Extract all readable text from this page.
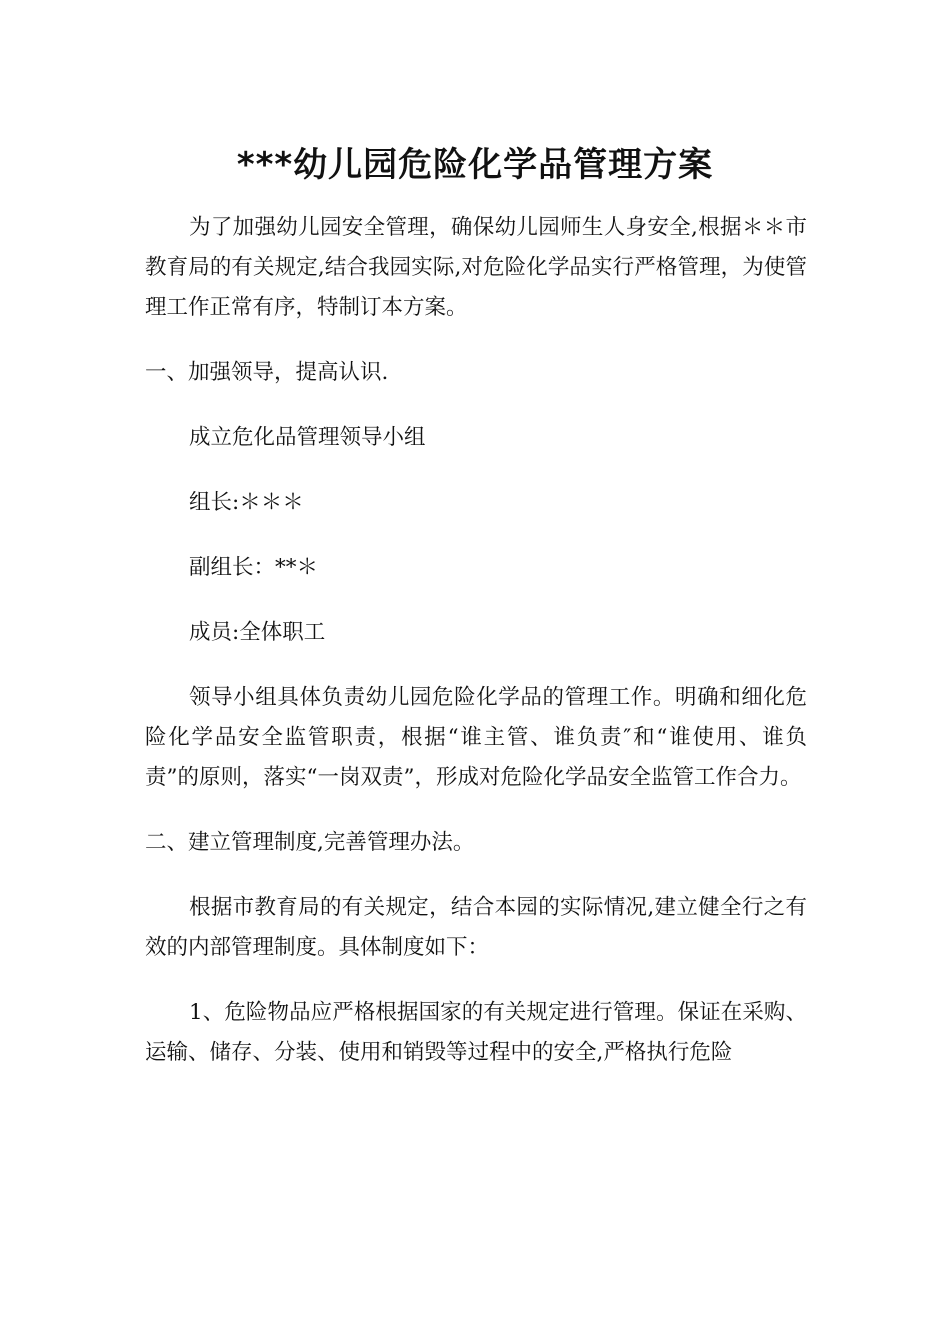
***幼儿园危险化学品管理方案

为了加强幼儿园安全管理，确保幼儿园师生人身安全,根据＊＊市教育局的有关规定,结合我园实际,对危险化学品实行严格管理，为使管理工作正常有序，特制订本方案。

一、加强领导，提高认识.

成立危化品管理领导小组

组长:＊＊＊

副组长：**＊

成员:全体职工

领导小组具体负责幼儿园危险化学品的管理工作。明确和细化危险化学品安全监管职责，根据“谁主管、谁负责″和“谁使用、谁负责”的原则，落实“一岗双责”，形成对危险化学品安全监管工作合力。

二、建立管理制度,完善管理办法。

根据市教育局的有关规定，结合本园的实际情况,建立健全行之有效的内部管理制度。具体制度如下：

1、危险物品应严格根据国家的有关规定进行管理。保证在采购、运输、储存、分装、使用和销毁等过程中的安全,严格执行危险
